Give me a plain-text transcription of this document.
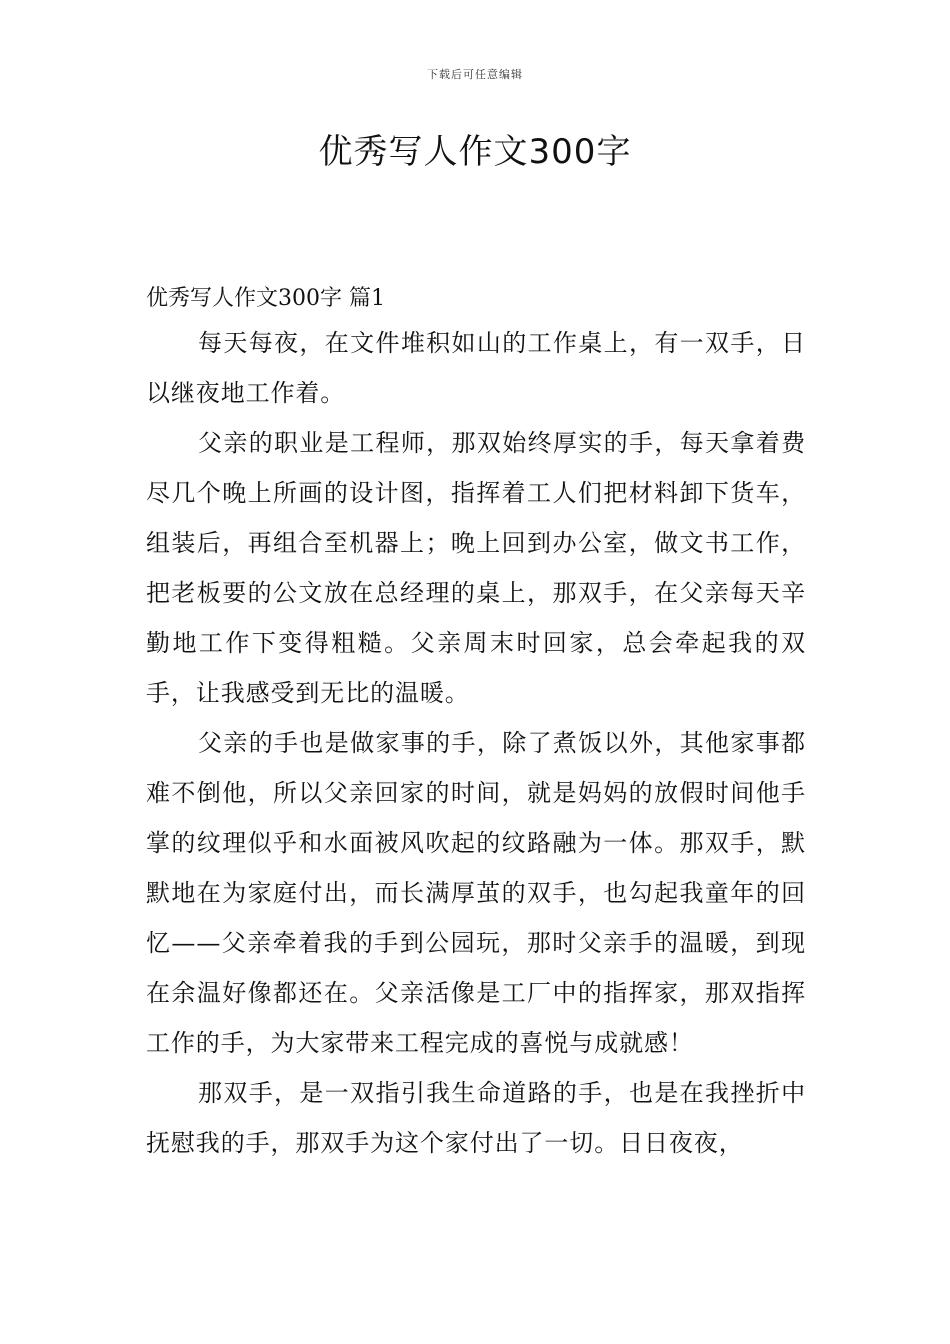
下载后可任意编辑
优秀写人作文300字
优秀写人作文300字 篇1

每天每夜，在文件堆积如山的工作桌上，有一双手，日以继夜地工作着。

父亲的职业是工程师，那双始终厚实的手，每天拿着费尽几个晚上所画的设计图，指挥着工人们把材料卸下货车，组装后，再组合至机器上；晚上回到办公室，做文书工作，把老板要的公文放在总经理的桌上，那双手，在父亲每天辛勤地工作下变得粗糙。父亲周末时回家，总会牵起我的双手，让我感受到无比的温暖。

父亲的手也是做家事的手，除了煮饭以外，其他家事都难不倒他，所以父亲回家的时间，就是妈妈的放假时间他手掌的纹理似乎和水面被风吹起的纹路融为一体。那双手，默默地在为家庭付出，而长满厚茧的双手，也勾起我童年的回忆——父亲牵着我的手到公园玩，那时父亲手的温暖，到现在余温好像都还在。父亲活像是工厂中的指挥家，那双指挥工作的手，为大家带来工程完成的喜悦与成就感！

那双手，是一双指引我生命道路的手，也是在我挫折中抚慰我的手，那双手为这个家付出了一切。日日夜夜，
